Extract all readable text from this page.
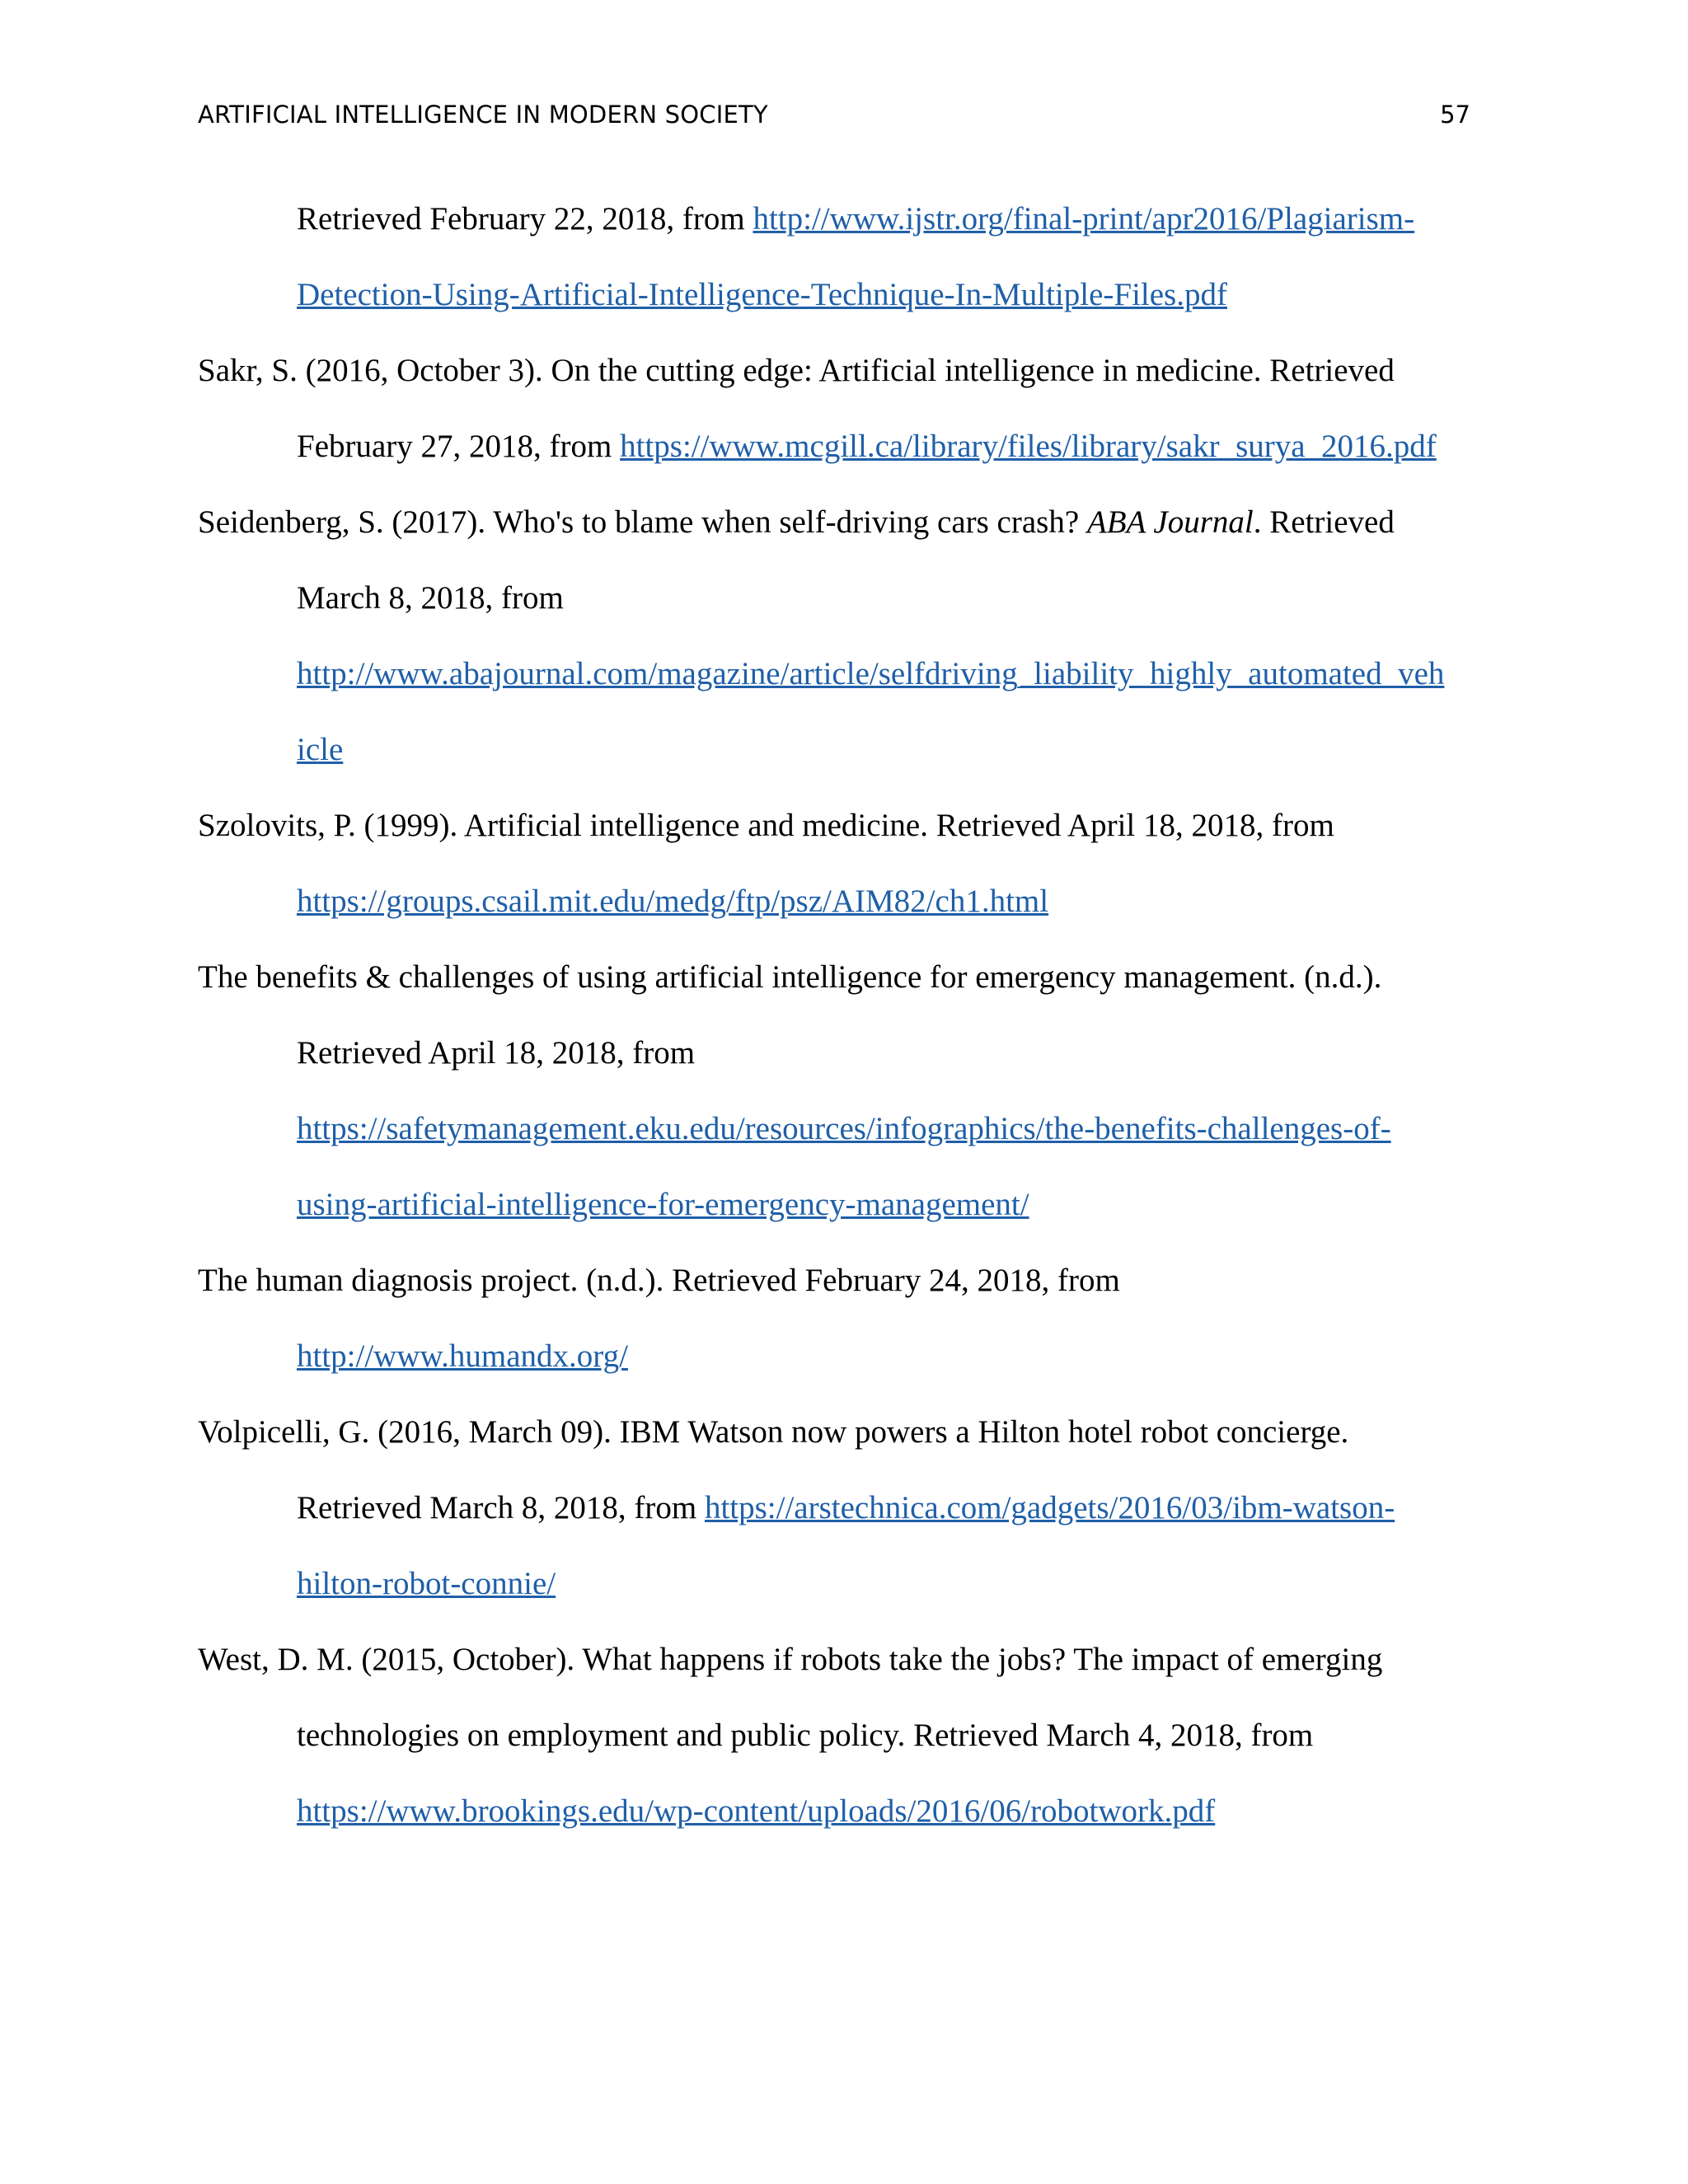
ARTIFICIAL INTELLIGENCE IN MODERN SOCIETY	57
Retrieved February 22, 2018, from http://www.ijstr.org/final-print/apr2016/Plagiarism-
Detection-Using-Artificial-Intelligence-Technique-In-Multiple-Files.pdf
Sakr, S. (2016, October 3). On the cutting edge: Artificial intelligence in medicine. Retrieved
February 27, 2018, from https://www.mcgill.ca/library/files/library/sakr_surya_2016.pdf
Seidenberg, S. (2017). Who's to blame when self-driving cars crash? ABA Journal. Retrieved
March 8, 2018, from
http://www.abajournal.com/magazine/article/selfdriving_liability_highly_automated_veh
icle
Szolovits, P. (1999). Artificial intelligence and medicine. Retrieved April 18, 2018, from
https://groups.csail.mit.edu/medg/ftp/psz/AIM82/ch1.html
The benefits & challenges of using artificial intelligence for emergency management. (n.d.).
Retrieved April 18, 2018, from
https://safetymanagement.eku.edu/resources/infographics/the-benefits-challenges-of-
using-artificial-intelligence-for-emergency-management/
The human diagnosis project. (n.d.). Retrieved February 24, 2018, from
http://www.humandx.org/
Volpicelli, G. (2016, March 09). IBM Watson now powers a Hilton hotel robot concierge.
Retrieved March 8, 2018, from https://arstechnica.com/gadgets/2016/03/ibm-watson-
hilton-robot-connie/
West, D. M. (2015, October). What happens if robots take the jobs? The impact of emerging
technologies on employment and public policy. Retrieved March 4, 2018, from
https://www.brookings.edu/wp-content/uploads/2016/06/robotwork.pdf
